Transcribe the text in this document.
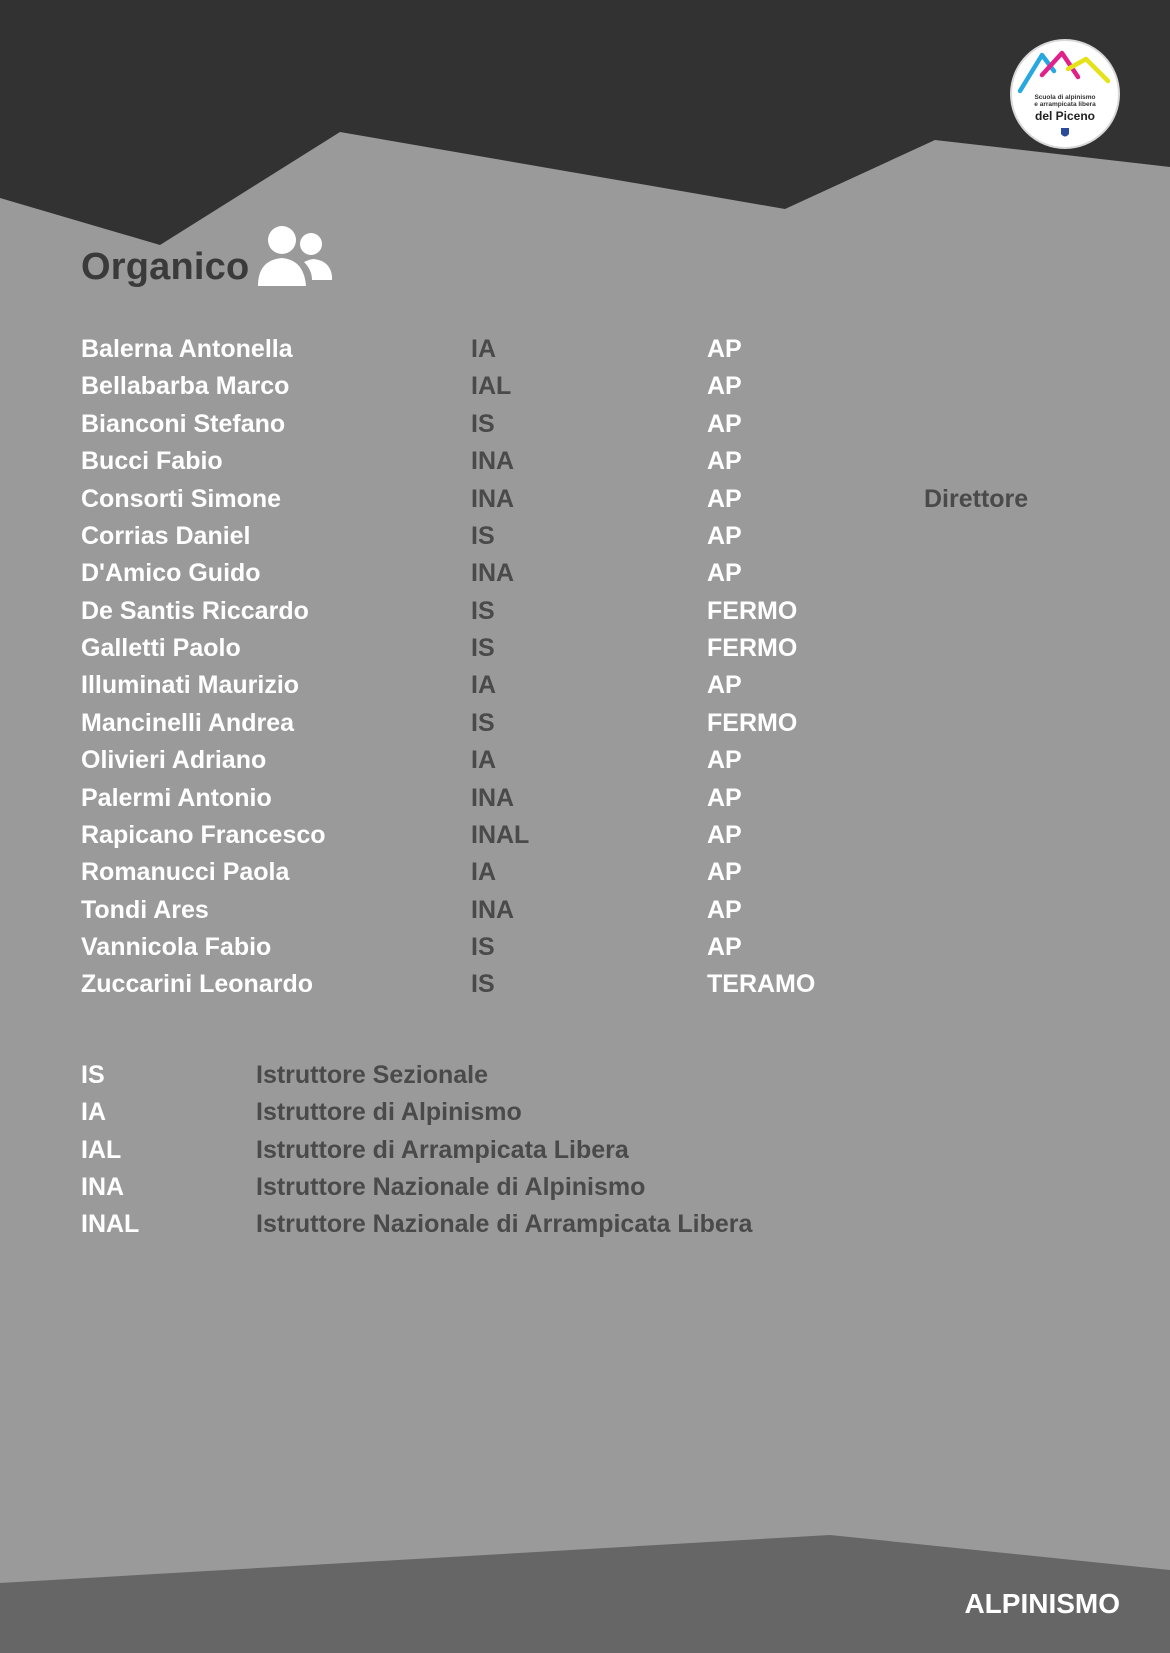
Scuola di alpinismo
e arrampicata libera
del Piceno
Organico
Balerna Antonella	IA	AP
Bellabarba Marco	IAL	AP
Bianconi Stefano	IS	AP
Bucci Fabio	INA	AP
Consorti Simone	INA	AP	Direttore
Corrias Daniel	IS	AP
D'Amico Guido	INA	AP
De Santis Riccardo	IS	FERMO
Galletti Paolo	IS	FERMO
Illuminati Maurizio	IA	AP
Mancinelli Andrea	IS	FERMO
Olivieri Adriano	IA	AP
Palermi Antonio	INA	AP
Rapicano Francesco	INAL	AP
Romanucci Paola	IA	AP
Tondi Ares	INA	AP
Vannicola Fabio	IS	AP
Zuccarini Leonardo	IS	TERAMO
IS	Istruttore Sezionale
IA	Istruttore di Alpinismo
IAL	Istruttore di Arrampicata Libera
INA	Istruttore Nazionale di Alpinismo
INAL	Istruttore Nazionale di Arrampicata Libera
ALPINISMO
